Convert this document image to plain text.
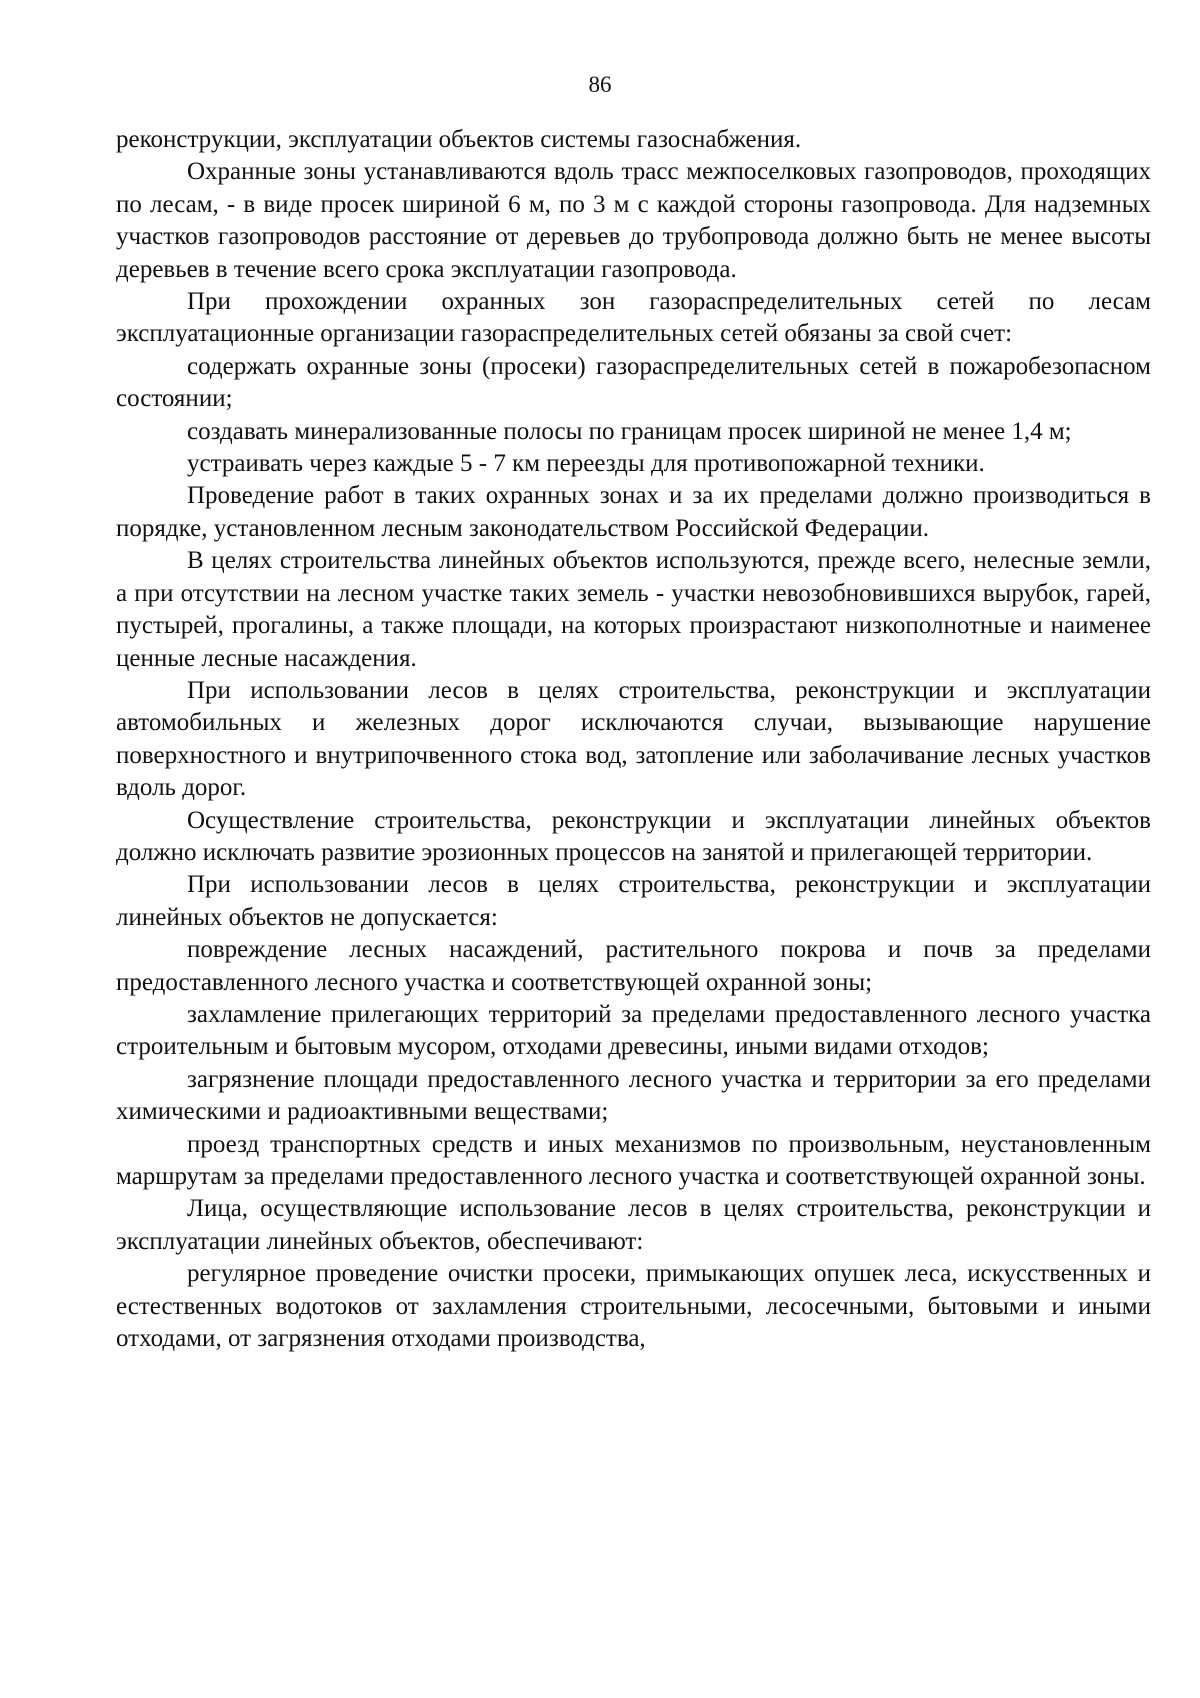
86

реконструкции, эксплуатации объектов системы газоснабжения.

Охранные зоны устанавливаются вдоль трасс межпоселковых газопроводов, проходящих по лесам, - в виде просек шириной 6 м, по 3 м с каждой стороны газопровода. Для надземных участков газопроводов расстояние от деревьев до трубопровода должно быть не менее высоты деревьев в течение всего срока эксплуатации газопровода.

При прохождении охранных зон газораспределительных сетей по лесам эксплуатационные организации газораспределительных сетей обязаны за свой счет:

содержать охранные зоны (просеки) газораспределительных сетей в пожаробезопасном состоянии;

создавать минерализованные полосы по границам просек шириной не менее 1,4 м;

устраивать через каждые 5 - 7 км переезды для противопожарной техники.

Проведение работ в таких охранных зонах и за их пределами должно производиться в порядке, установленном лесным законодательством Российской Федерации.

В целях строительства линейных объектов используются, прежде всего, нелесные земли, а при отсутствии на лесном участке таких земель - участки невозобновившихся вырубок, гарей, пустырей, прогалины, а также площади, на которых произрастают низкополнотные и наименее ценные лесные насаждения.

При использовании лесов в целях строительства, реконструкции и эксплуатации автомобильных и железных дорог исключаются случаи, вызывающие нарушение поверхностного и внутрипочвенного стока вод, затопление или заболачивание лесных участков вдоль дорог.

Осуществление строительства, реконструкции и эксплуатации линейных объектов должно исключать развитие эрозионных процессов на занятой и прилегающей территории.

При использовании лесов в целях строительства, реконструкции и эксплуатации линейных объектов не допускается:

повреждение лесных насаждений, растительного покрова и почв за пределами предоставленного лесного участка и соответствующей охранной зоны;

захламление прилегающих территорий за пределами предоставленного лесного участка строительным и бытовым мусором, отходами древесины, иными видами отходов;

загрязнение площади предоставленного лесного участка и территории за его пределами химическими и радиоактивными веществами;

проезд транспортных средств и иных механизмов по произвольным, неустановленным маршрутам за пределами предоставленного лесного участка и соответствующей охранной зоны.

Лица, осуществляющие использование лесов в целях строительства, реконструкции и эксплуатации линейных объектов, обеспечивают:

регулярное проведение очистки просеки, примыкающих опушек леса, искусственных и естественных водотоков от захламления строительными, лесосечными, бытовыми и иными отходами, от загрязнения отходами производства,
